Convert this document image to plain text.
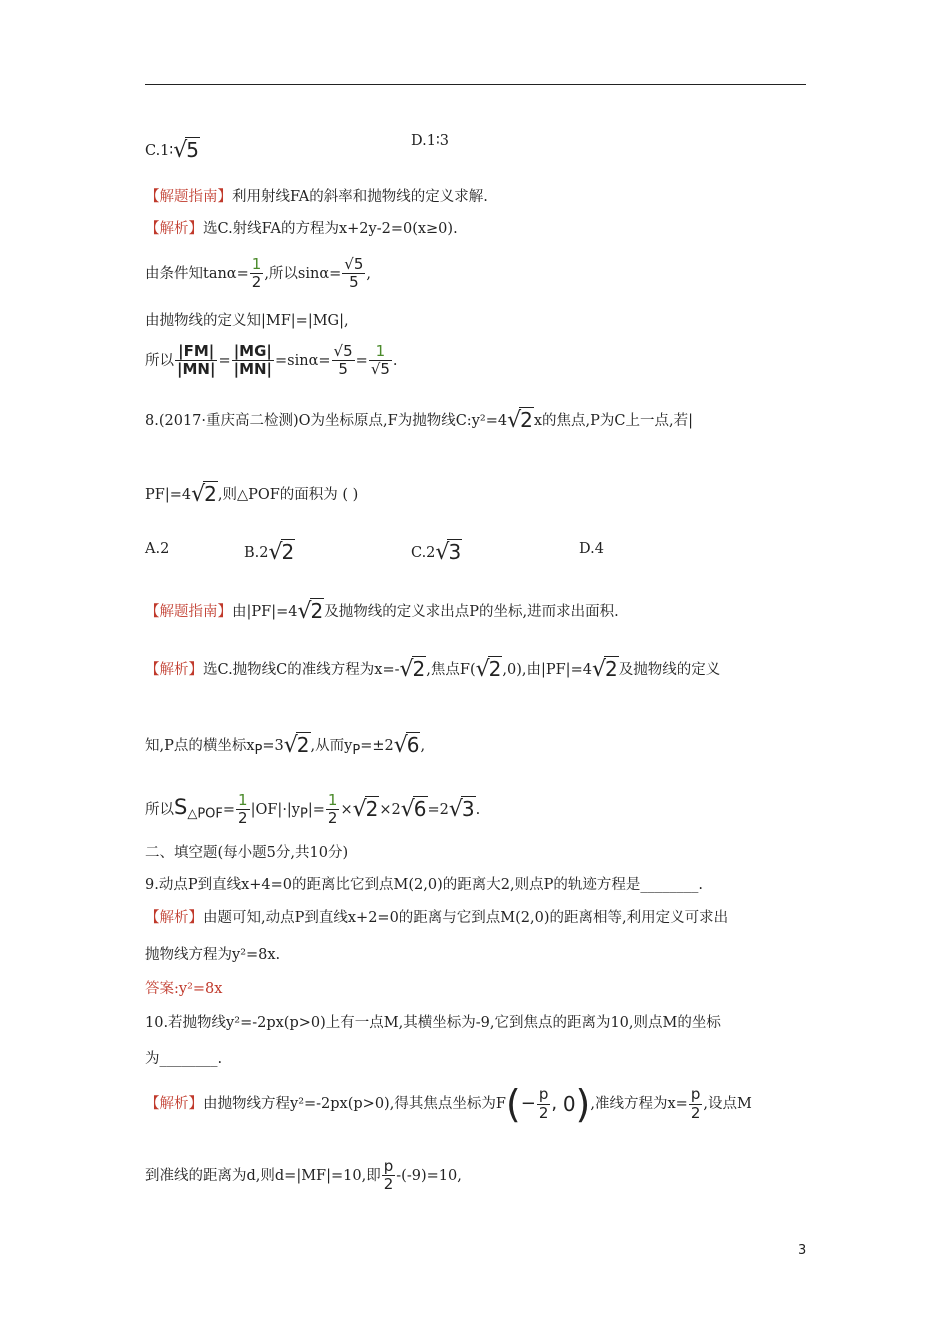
C.1∶√5	D.1∶3
【解题指南】利用射线FA的斜率和抛物线的定义求解.
【解析】选C.射线FA的方程为x+2y-2=0(x≥0).
由条件知$\tan\alpha= \frac{1}{2}$ ,所以$\sin\alpha= \frac{√5}{5}$ ,
由抛物线的定义知|MF|=|MG|,
所以 $\frac{|FM|}{|MN|} = \frac{|MG|}{|MN|} =\sin\alpha= \frac{√5}{5} = \frac{1}{√5}$ .
8.(2017·重庆高二检测)O为坐标原点,F为抛物线C:y²=4√2x的焦点,P为C上一点,若|
PF|=4√2,则△POF的面积为 ( )
A.2	B.2√2	C.2√3	D.4
【解题指南】由|PF|=4√2及抛物线的定义求出点P的坐标,进而求出面积.
【解析】选C.抛物线C的准线方程为x=-√2,焦点F(√2,0),由|PF|=4√2及抛物线的定义
知,P点的横坐标$x_P=3√2$,从而$y_P=\pm 2√6$,
所以$S_{\triangle POF}= \frac{1}{2} |OF|\cdot|y_P|= \frac{1}{2} \times√2\times 2√6=2√3$.
二、填空题(每小题5分,共10分)
9.动点P到直线x+4=0的距离比它到点M(2,0)的距离大2,则点P的轨迹方程是________.
【解析】由题可知,动点P到直线x+2=0的距离与它到点M(2,0)的距离相等,利用定义可求出
抛物线方程为y²=8x.
答案:y²=8x
10.若抛物线y²=-2px(p>0)上有一点M,其横坐标为-9,它到焦点的距离为10,则点M的坐标
为________.
【解析】由抛物线方程y²=-2px(p>0),得其焦点坐标为$F(- \frac{p}{2}$ , 0),准线方程为$x= \frac{p}{2}$ ,设点M
到准线的距离为d,则d=|MF|=10,即 $\frac{p}{2} -(-9)=10$,
3
